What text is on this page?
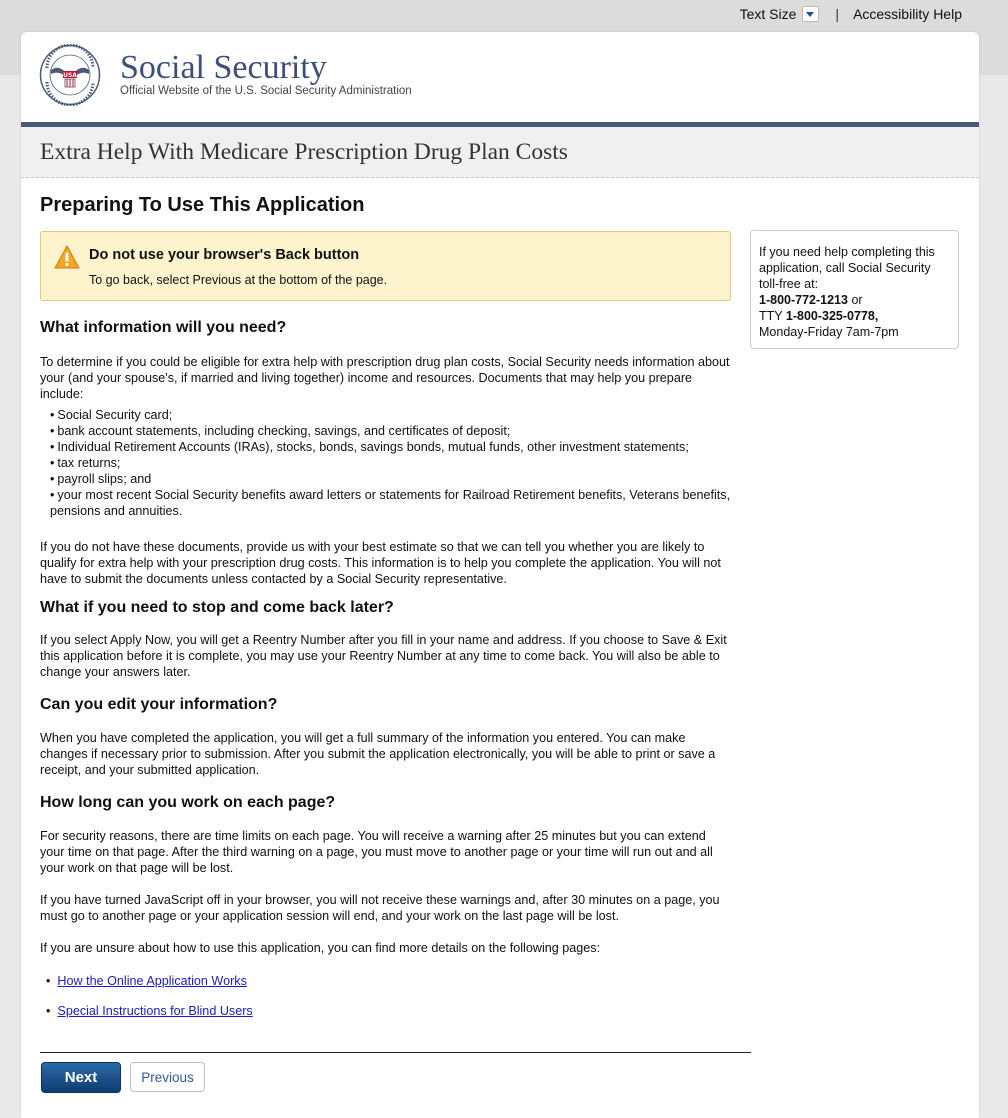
Text Size	| Accessibility Help
USA Social Security
Official Website of the U.S. Social Security Administration
Extra Help With Medicare Prescription Drug Plan Costs
Preparing To Use This Application
Do not use your browser's Back button
To go back, select Previous at the bottom of the page.
What information will you need?

To determine if you could be eligible for extra help with prescription drug plan costs, Social Security needs information about your (and your spouse's, if married and living together) income and resources. Documents that may help you prepare include:

• Social Security card;
• bank account statements, including checking, savings, and certificates of deposit;
• Individual Retirement Accounts (IRAs), stocks, bonds, savings bonds, mutual funds, other investment statements;
• tax returns;
• payroll slips; and
• your most recent Social Security benefits award letters or statements for Railroad Retirement benefits, Veterans benefits, pensions and annuities.

If you do not have these documents, provide us with your best estimate so that we can tell you whether you are likely to qualify for extra help with your prescription drug costs. This information is to help you complete the application. You will not have to submit the documents unless contacted by a Social Security representative.

What if you need to stop and come back later?

If you select Apply Now, you will get a Reentry Number after you fill in your name and address. If you choose to Save & Exit this application before it is complete, you may use your Reentry Number at any time to come back. You will also be able to change your answers later.

Can you edit your information?

When you have completed the application, you will get a full summary of the information you entered. You can make changes if necessary prior to submission. After you submit the application electronically, you will be able to print or save a receipt, and your submitted application.

How long can you work on each page?

For security reasons, there are time limits on each page. You will receive a warning after 25 minutes but you can extend your time on that page. After the third warning on a page, you must move to another page or your time will run out and all your work on that page will be lost.

If you have turned JavaScript off in your browser, you will not receive these warnings and, after 30 minutes on a page, you must go to another page or your application session will end, and your work on the last page will be lost.

If you are unsure about how to use this application, you can find more details on the following pages:

•  How the Online Application Works
•  Special Instructions for Blind Users
Next	Previous
If you need help completing this application, call Social Security toll-free at:
1-800-772-1213 or
TTY 1-800-325-0778,
Monday-Friday 7am-7pm
